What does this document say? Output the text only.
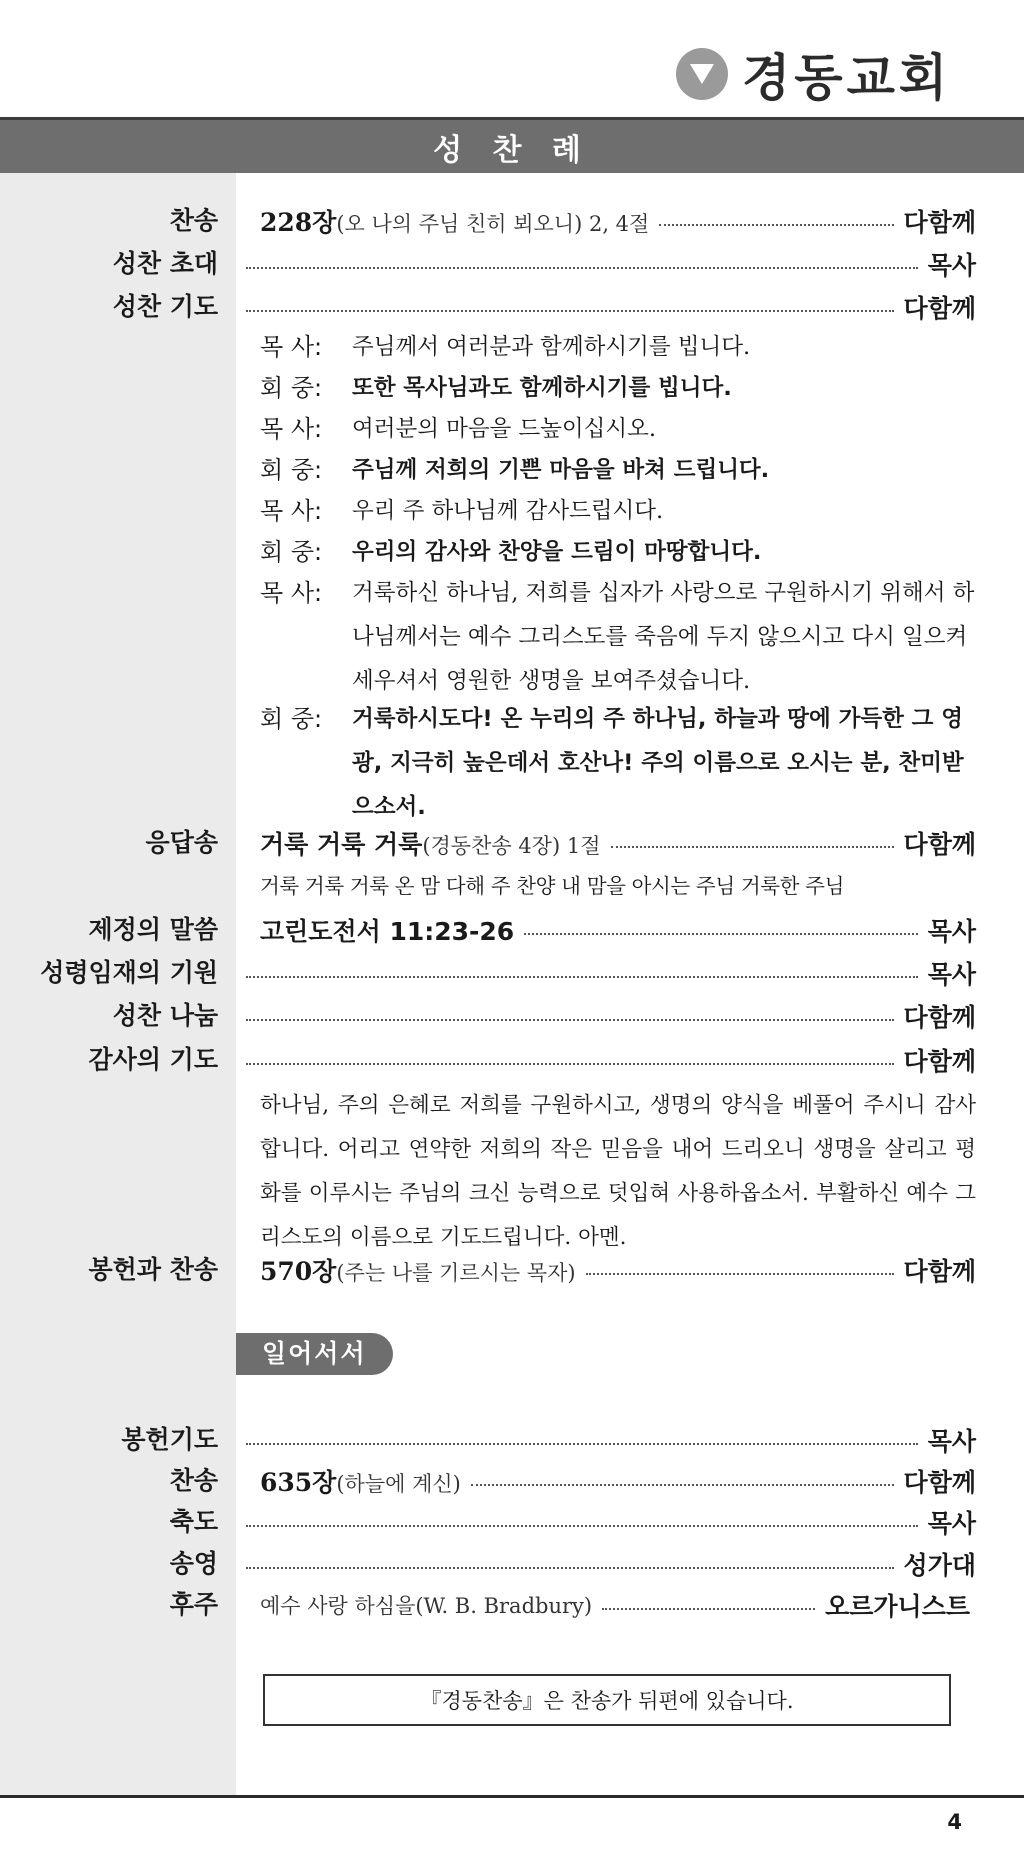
경동교회
성 찬 례
찬송 228장 (오 나의 주님 친히 뵈오니) 2, 4절	다함께
성찬 초대	목사
성찬 기도	다함께
목 사:	주님께서 여러분과 함께하시기를 빕니다.
회 중:	또한 목사님과도 함께하시기를 빕니다.
목 사:	여러분의 마음을 드높이십시오.
회 중:	주님께 저희의 기쁜 마음을 바쳐 드립니다.
목 사:	우리 주 하나님께 감사드립시다.
회 중:	우리의 감사와 찬양을 드림이 마땅합니다.
목 사:	거룩하신 하나님, 저희를 십자가 사랑으로 구원하시기 위해서 하나님께서는 예수 그리스도를 죽음에 두지 않으시고 다시 일으켜 세우셔서 영원한 생명을 보여주셨습니다.
회 중:	거룩하시도다! 온 누리의 주 하나님, 하늘과 땅에 가득한 그 영광, 지극히 높은데서 호산나! 주의 이름으로 오시는 분, 찬미받으소서.
응답송 거룩 거룩 거룩 (경동찬송 4장) 1절	다함께
거룩 거룩 거룩 온 맘 다해 주 찬양 내 맘을 아시는 주님 거룩한 주님
제정의 말씀 고린도전서 11:23-26	목사
성령임재의 기원	목사
성찬 나눔	다함께
감사의 기도	다함께
하나님, 주의 은혜로 저희를 구원하시고, 생명의 양식을 베풀어 주시니 감사합니다. 어리고 연약한 저희의 작은 믿음을 내어 드리오니 생명을 살리고 평화를 이루시는 주님의 크신 능력으로 덧입혀 사용하옵소서. 부활하신 예수 그리스도의 이름으로 기도드립니다. 아멘.
봉헌과 찬송 570장 (주는 나를 기르시는 목자)	다함께
일어서서
봉헌기도	목사
찬송 635장 (하늘에 계신)	다함께
축도	목사
송영	성가대
후주 예수 사랑 하심을(W. B. Bradbury)	오르가니스트
『경동찬송』은 찬송가 뒤편에 있습니다.
4
